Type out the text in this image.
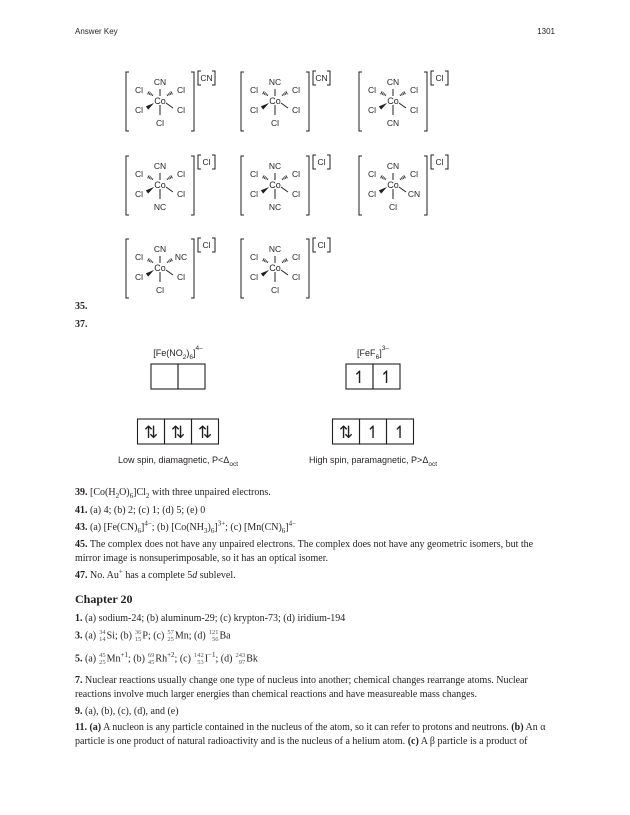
Answer Key	1301
Co
CN
Cl	Cl
Cl	Cl
Cl
CN
Co
NC
Cl	Cl
Cl	Cl
Cl
CN
Co
CN
Cl	Cl
Cl	Cl
CN
Cl
Co
CN
Cl	Cl
Cl	Cl
NC
Cl
Co
NC
Cl	Cl
Cl	Cl
NC
Cl
Co
CN
Cl	Cl
Cl	CN
Cl
Cl
Co
CN
Cl	NC
Cl	Cl
Cl
Cl
Co
NC
Cl	Cl
Cl	Cl
Cl
Cl
$[Fe(NO_2)_6]^{4-}$
⇅ ⇅ ⇅
Low spin, diamagnetic, $P<\Delta_{oct}$
$[FeF_6]^{3-}$
↿ ↿
⇅ ↿ ↿
High spin, paramagnetic, $P>\Delta_{oct}$
35.
37.

39. $[Co(H_2O)_6]Cl_2$ with three unpaired electrons.

41. (a) 4; (b) 2; (c) 1; (d) 5; (e) 0

43. (a) $[Fe(CN)_6]^{4-}$; (b) $[Co(NH_3)_6]^{3+}$; (c) $[Mn(CN)_6]^{4-}$

45. The complex does not have any unpaired electrons. The complex does not have any geometric isomers, but the mirror image is nonsuperimposable, so it has an optical isomer.

47. No. Au+ has a complete 5d sublevel.

Chapter 20

1. (a) sodium-24; (b) aluminum-29; (c) krypton-73; (d) iridium-194

3. (a) 34
14Si; (b) 36
15P; (c) 57
25Mn; (d) 121
56Ba

5. (a) 45
$25Mn^{+1}$; (b) 69
$45Rh^{+2}$; (c) 142
$53I^{-1}$; (d) 243
97Bk

7. Nuclear reactions usually change one type of nucleus into another; chemical changes rearrange atoms. Nuclear reactions involve much larger energies than chemical reactions and have measureable mass changes.

9. (a), (b), (c), (d), and (e)

11. (a) A nucleon is any particle contained in the nucleus of the atom, so it can refer to protons and neutrons. (b) An α particle is one product of natural radioactivity and is the nucleus of a helium atom. (c) A β particle is a product of
